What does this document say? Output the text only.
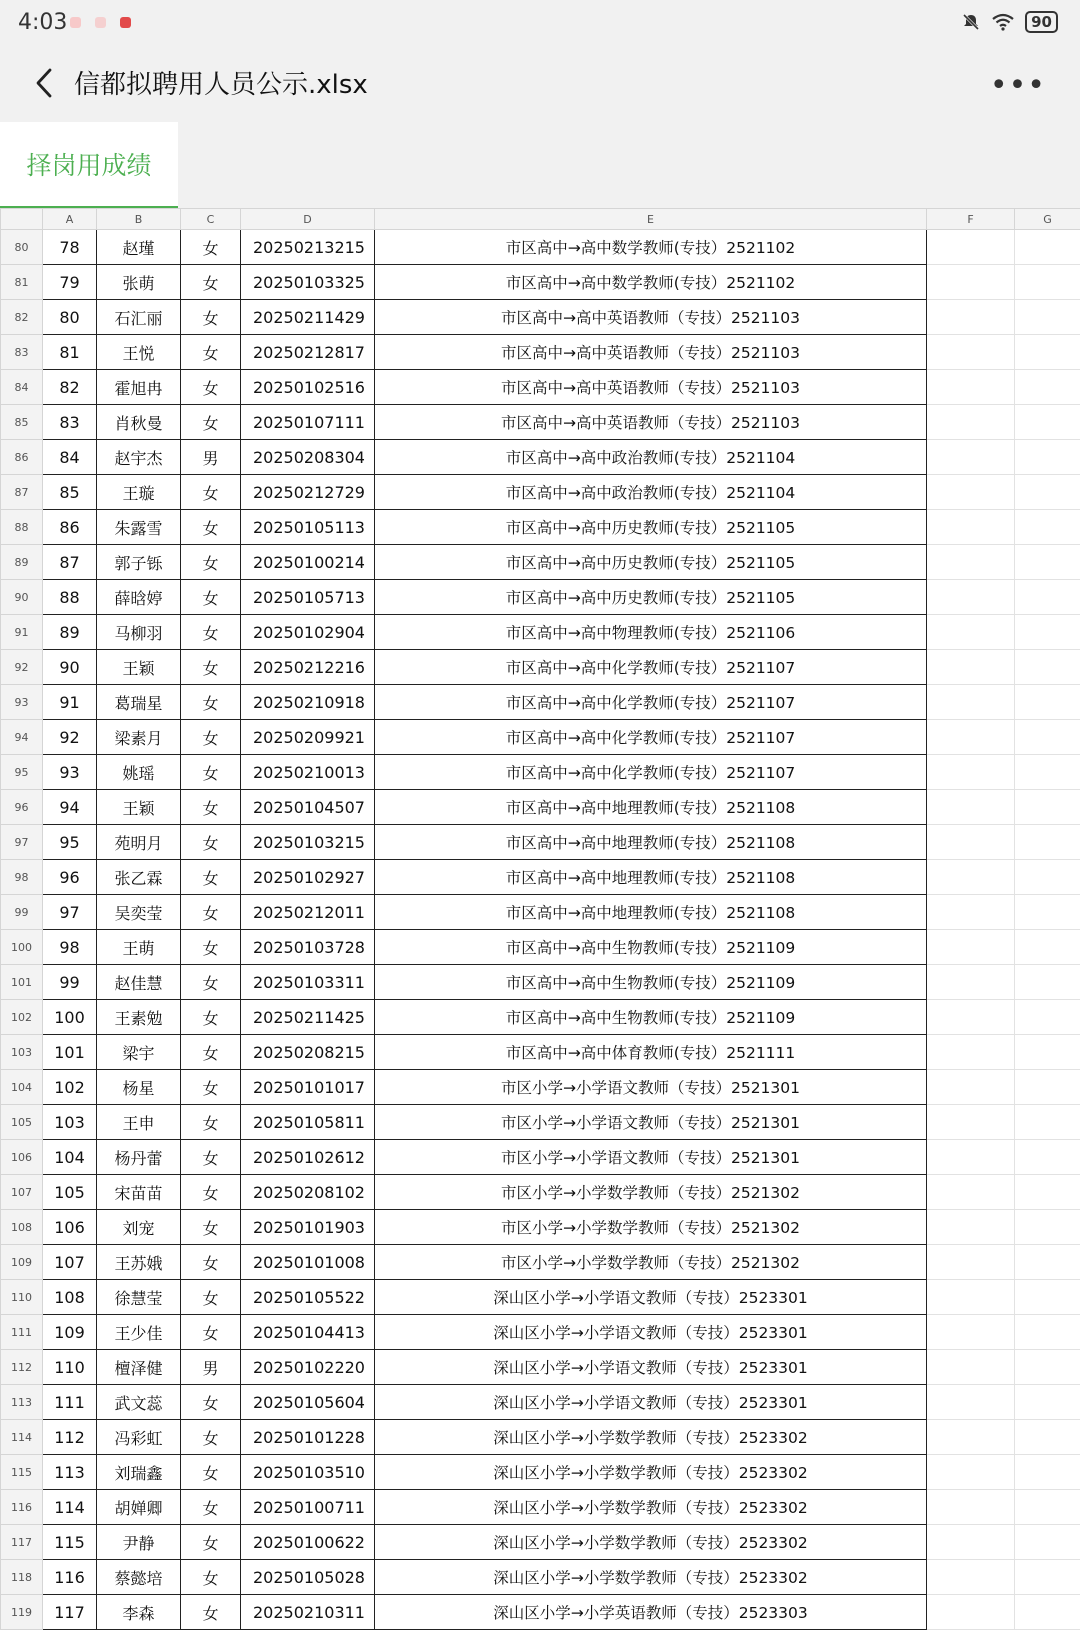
4:03	90
信都拟聘用人员公示.xlsx	•••
择岗用成绩
	A	B	C	D	E	F	G
80	78	赵瑾	女	20250213215	市区高中→高中数学教师(专技）2521102		
81	79	张萌	女	20250103325	市区高中→高中数学教师(专技）2521102		
82	80	石汇丽	女	20250211429	市区高中→高中英语教师（专技）2521103		
83	81	王悦	女	20250212817	市区高中→高中英语教师（专技）2521103		
84	82	霍旭冉	女	20250102516	市区高中→高中英语教师（专技）2521103		
85	83	肖秋曼	女	20250107111	市区高中→高中英语教师（专技）2521103		
86	84	赵宇杰	男	20250208304	市区高中→高中政治教师(专技）2521104		
87	85	王璇	女	20250212729	市区高中→高中政治教师(专技）2521104		
88	86	朱露雪	女	20250105113	市区高中→高中历史教师(专技）2521105		
89	87	郭子铄	女	20250100214	市区高中→高中历史教师(专技）2521105		
90	88	薛晗婷	女	20250105713	市区高中→高中历史教师(专技）2521105		
91	89	马柳羽	女	20250102904	市区高中→高中物理教师(专技）2521106		
92	90	王颖	女	20250212216	市区高中→高中化学教师(专技）2521107		
93	91	葛瑞星	女	20250210918	市区高中→高中化学教师(专技）2521107		
94	92	梁素月	女	20250209921	市区高中→高中化学教师(专技）2521107		
95	93	姚瑶	女	20250210013	市区高中→高中化学教师(专技）2521107		
96	94	王颖	女	20250104507	市区高中→高中地理教师(专技）2521108		
97	95	苑明月	女	20250103215	市区高中→高中地理教师(专技）2521108		
98	96	张乙霖	女	20250102927	市区高中→高中地理教师(专技）2521108		
99	97	吴奕莹	女	20250212011	市区高中→高中地理教师(专技）2521108		
100	98	王萌	女	20250103728	市区高中→高中生物教师(专技）2521109		
101	99	赵佳慧	女	20250103311	市区高中→高中生物教师(专技）2521109		
102	100	王素勉	女	20250211425	市区高中→高中生物教师(专技）2521109		
103	101	梁宇	女	20250208215	市区高中→高中体育教师(专技）2521111		
104	102	杨星	女	20250101017	市区小学→小学语文教师（专技）2521301		
105	103	王申	女	20250105811	市区小学→小学语文教师（专技）2521301		
106	104	杨丹蕾	女	20250102612	市区小学→小学语文教师（专技）2521301		
107	105	宋苗苗	女	20250208102	市区小学→小学数学教师（专技）2521302		
108	106	刘宠	女	20250101903	市区小学→小学数学教师（专技）2521302		
109	107	王苏娥	女	20250101008	市区小学→小学数学教师（专技）2521302		
110	108	徐慧莹	女	20250105522	深山区小学→小学语文教师（专技）2523301		
111	109	王少佳	女	20250104413	深山区小学→小学语文教师（专技）2523301		
112	110	檀泽健	男	20250102220	深山区小学→小学语文教师（专技）2523301		
113	111	武文蕊	女	20250105604	深山区小学→小学语文教师（专技）2523301		
114	112	冯彩虹	女	20250101228	深山区小学→小学数学教师（专技）2523302		
115	113	刘瑞鑫	女	20250103510	深山区小学→小学数学教师（专技）2523302		
116	114	胡婵卿	女	20250100711	深山区小学→小学数学教师（专技）2523302		
117	115	尹静	女	20250100622	深山区小学→小学数学教师（专技）2523302		
118	116	蔡懿培	女	20250105028	深山区小学→小学数学教师（专技）2523302		
119	117	李森	女	20250210311	深山区小学→小学英语教师（专技）2523303		
